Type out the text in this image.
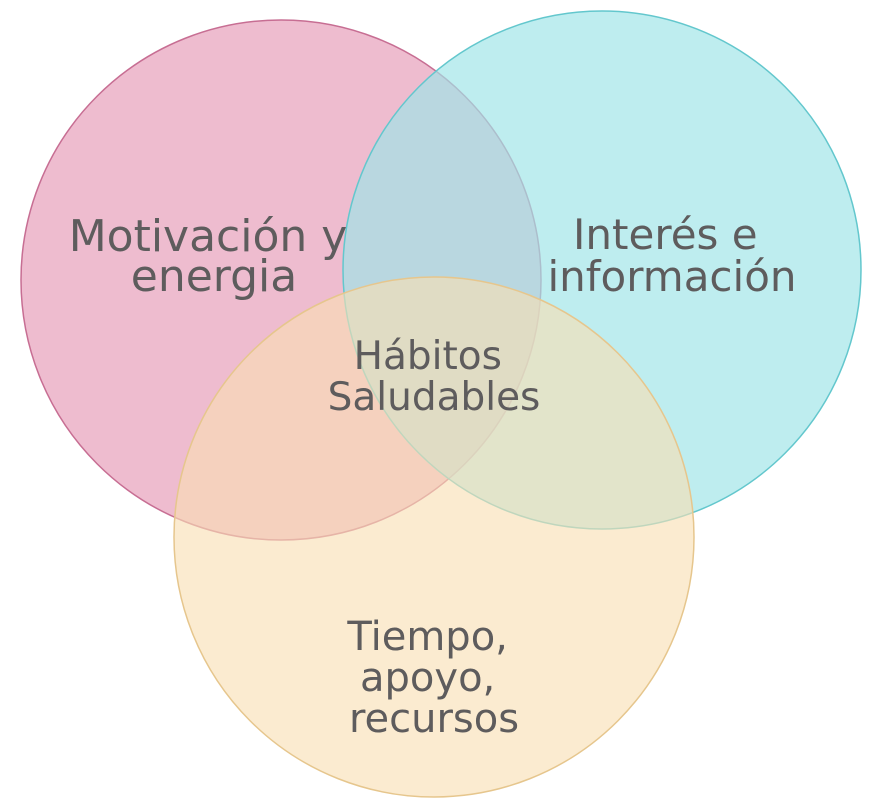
Motivación y energia
Interés e información
Hábitos Saludables
Tiempo, apoyo, recursos
